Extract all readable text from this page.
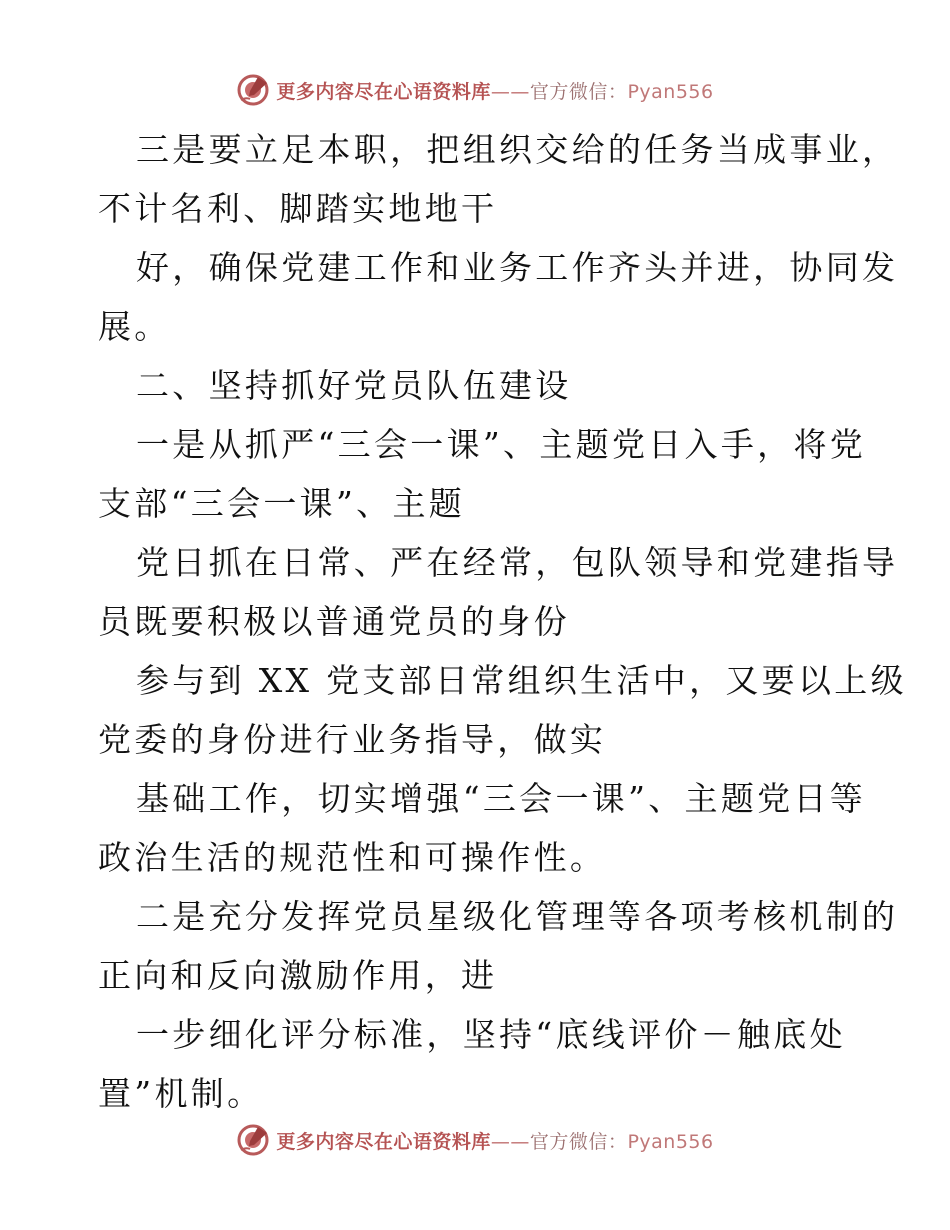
更多内容尽在心语资料库——官方微信：Pyan556
三是要立足本职，把组织交给的任务当成事业，
不计名利、脚踏实地地干
好，确保党建工作和业务工作齐头并进，协同发
展。
二、坚持抓好党员队伍建设
一是从抓严“三会一课”、主题党日入手，将党
支部“三会一课”、主题
党日抓在日常、严在经常，包队领导和党建指导
员既要积极以普通党员的身份
参与到 XX 党支部日常组织生活中，又要以上级
党委的身份进行业务指导，做实
基础工作，切实增强“三会一课”、主题党日等
政治生活的规范性和可操作性。
二是充分发挥党员星级化管理等各项考核机制的
正向和反向激励作用，进
一步细化评分标准，坚持“底线评价－触底处
置”机制。
更多内容尽在心语资料库——官方微信：Pyan556
